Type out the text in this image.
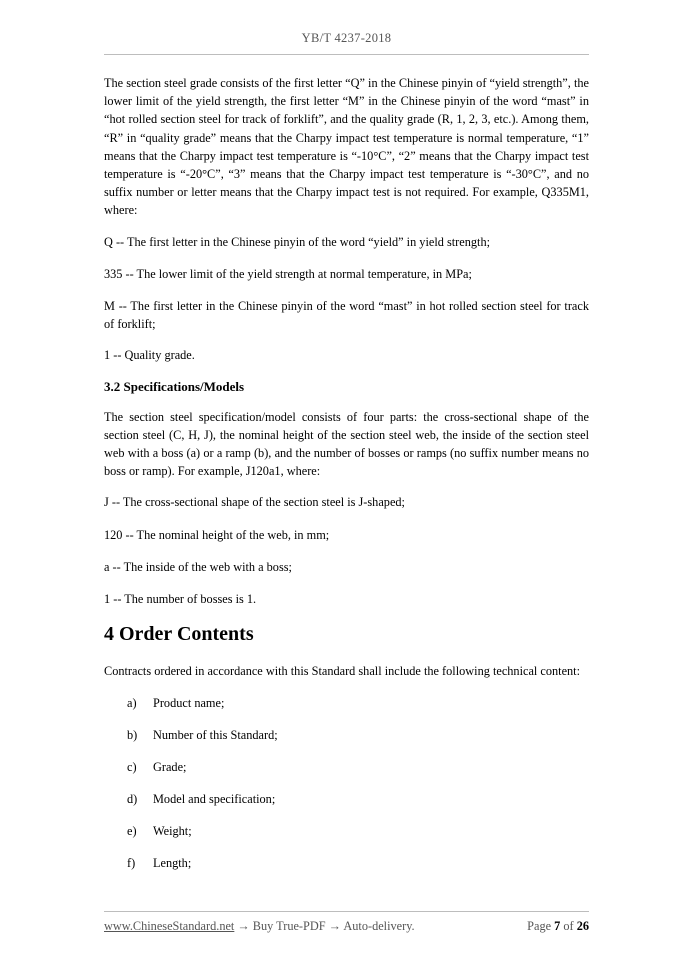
YB/T 4237-2018

The section steel grade consists of the first letter “Q” in the Chinese pinyin of “yield strength”, the lower limit of the yield strength, the first letter “M” in the Chinese pinyin of the word “mast” in “hot rolled section steel for track of forklift”, and the quality grade (R, 1, 2, 3, etc.). Among them, “R” in “quality grade” means that the Charpy impact test temperature is normal temperature, “1” means that the Charpy impact test temperature is “-10°C”, “2” means that the Charpy impact test temperature is “-20°C”, “3” means that the Charpy impact test temperature is “-30°C”, and no suffix number or letter means that the Charpy impact test is not required. For example, Q335M1, where:

Q -- The first letter in the Chinese pinyin of the word “yield” in yield strength;

335 -- The lower limit of the yield strength at normal temperature, in MPa;

M -- The first letter in the Chinese pinyin of the word “mast” in hot rolled section steel for track of forklift;

1 -- Quality grade.

3.2 Specifications/Models

The section steel specification/model consists of four parts: the cross-sectional shape of the section steel (C, H, J), the nominal height of the section steel web, the inside of the section steel web with a boss (a) or a ramp (b), and the number of bosses or ramps (no suffix number means no boss or ramp). For example, J120a1, where:

J -- The cross-sectional shape of the section steel is J-shaped;

120 -- The nominal height of the web, in mm;

a -- The inside of the web with a boss;

1 -- The number of bosses is 1.

4 Order Contents

Contracts ordered in accordance with this Standard shall include the following technical content:

a) Product name;
b) Number of this Standard;
c) Grade;
d) Model and specification;
e) Weight;
f) Length;
www.ChineseStandard.net → Buy True-PDF → Auto-delivery.	Page 7 of 26
